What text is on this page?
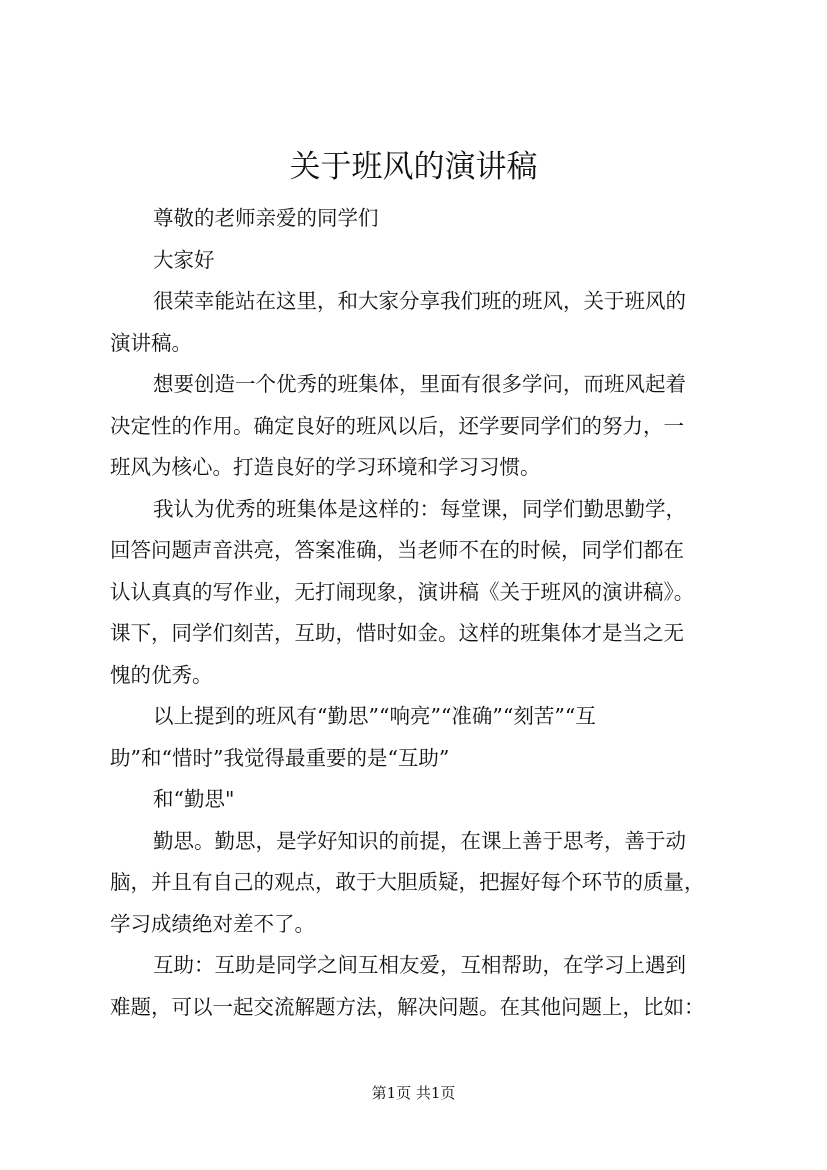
关于班风的演讲稿
尊敬的老师亲爱的同学们
大家好
很荣幸能站在这里，和大家分享我们班的班风，关于班风的
演讲稿。
想要创造一个优秀的班集体，里面有很多学问，而班风起着
决定性的作用。确定良好的班风以后，还学要同学们的努力，一
班风为核心。打造良好的学习环境和学习习惯。
我认为优秀的班集体是这样的：每堂课，同学们勤思勤学，
回答问题声音洪亮，答案准确，当老师不在的时候，同学们都在
认认真真的写作业，无打闹现象，演讲稿《关于班风的演讲稿》。
课下，同学们刻苦，互助，惜时如金。这样的班集体才是当之无
愧的优秀。
以上提到的班风有“勤思”“响亮”“准确”“刻苦”“互
助”和“惜时”我觉得最重要的是“互助”
和“勤思"
勤思。勤思，是学好知识的前提，在课上善于思考，善于动
脑，并且有自己的观点，敢于大胆质疑，把握好每个环节的质量，
学习成绩绝对差不了。
互助：互助是同学之间互相友爱，互相帮助，在学习上遇到
难题，可以一起交流解题方法，解决问题。在其他问题上，比如：
第1页 共1页
